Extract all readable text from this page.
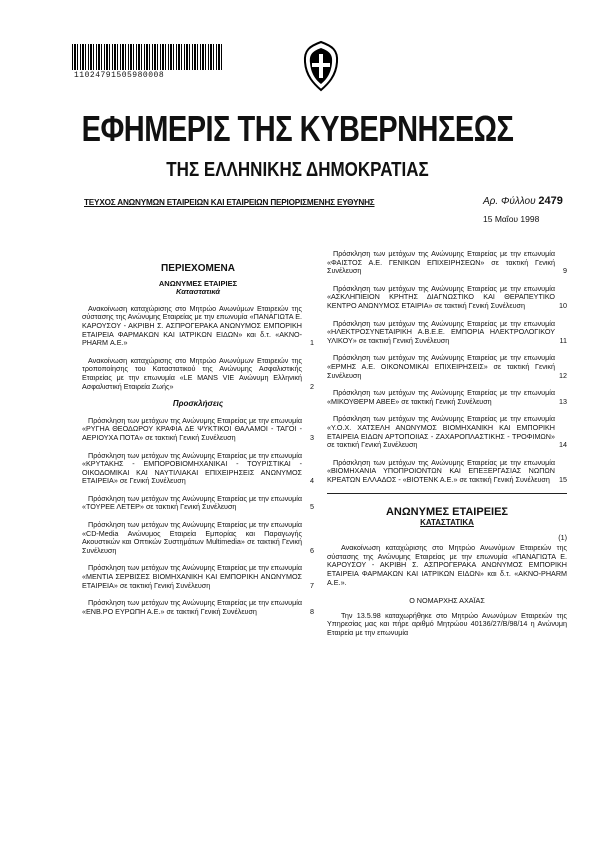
11024791505980008
ΕΦΗΜΕΡΙΣ ΤΗΣ ΚΥΒΕΡΝΗΣΕΩΣ
ΤΗΣ ΕΛΛΗΝΙΚΗΣ ΔΗΜΟΚΡΑΤΙΑΣ
ΤΕΥΧΟΣ ΑΝΩΝΥΜΩΝ ΕΤΑΙΡΕΙΩΝ ΚΑΙ ΕΤΑΙΡΕΙΩΝ ΠΕΡΙΟΡΙΣΜΕΝΗΣ ΕΥΘΥΝΗΣ	Αρ. Φύλλου 2479
15 Μαΐου 1998
ΠΕΡΙΕΧΟΜΕΝΑ
ΑΝΩΝΥΜΕΣ ΕΤΑΙΡΙΕΣ
Καταστατικά
Ανακοίνωση καταχώρισης στο Μητρώο Ανωνύμων Εταιρειών της σύστασης της Ανώνυμης Εταιρείας με την επωνυμία «ΠΑΝΑΓΙΩΤΑ Ε. ΚΑΡΟΥΣΟΥ - ΑΚΡΙΒΗ Σ. ΑΣΠΡΟΓΕΡΑΚΑ ΑΝΩΝΥΜΟΣ ΕΜΠΟΡΙΚΗ ΕΤΑΙΡΕΙΑ ΦΑΡΜΑΚΩΝ ΚΑΙ ΙΑΤΡΙΚΩΝ ΕΙΔΩΝ» και δ.τ. «ΑΚΝΟ-PHARM Α.Ε.»	1
Ανακοίνωση καταχώρισης στο Μητρώο Ανωνύμων Εταιρειών της τροποποίησης του Καταστατικού της Ανώνυμης Ασφαλιστικής Εταιρείας με την επωνυμία «LE MANS VIE Ανώνυμη Ελληνική Ασφαλιστική Εταιρεία Ζωής»	2
Προσκλήσεις
Πρόσκληση των μετόχων της Ανώνυμης Εταιρείας με την επωνυμία «ΡΥΓΗΑ ΘΕΟΔΩΡΟΥ ΚΡΑΦΙΑ ΔΕ ΨΥΚΤΙΚΟΙ ΘΑΛΑΜΟΙ - ΤΑΓΟΙ - ΑΕΡΙΟΥΧΑ ΠΟΤΑ» σε τακτική Γενική Συνέλευση	3
Πρόσκληση των μετόχων της Ανώνυμης Εταιρείας με την επωνυμία «ΚΡΥΤΑΚΗΣ - ΕΜΠΟΡΟΒΙΟΜΗΧΑΝΙΚΑΙ - ΤΟΥΡΙΣΤΙΚΑΙ - ΟΙΚΟΔΟΜΙΚΑΙ ΚΑΙ ΝΑΥΤΙΛΙΑΚΑΙ ΕΠΙΧΕΙΡΗΣΕΙΣ ΑΝΩΝΥΜΟΣ ΕΤΑΙΡΕΙΑ» σε Γενική Συνέλευση	4
Πρόσκληση των μετόχων της Ανώνυμης Εταιρείας με την επωνυμία «ΤΟΥΡΕΕ ΛΕΤΕΡ» σε τακτική Γενική Συνέλευση	5
Πρόσκληση των μετόχων της Ανώνυμης Εταιρείας με την επωνυμία «CD-Media Ανώνυμος Εταιρεία Εμπορίας και Παραγωγής Ακουστικών και Οπτικών Συστημάτων Multimedia» σε τακτική Γενική Συνέλευση	6
Πρόσκληση των μετόχων της Ανώνυμης Εταιρείας με την επωνυμία «ΜΕΝΤΙΑ ΣΕΡΒΙΣΕΣ ΒΙΟΜΗΧΑΝΙΚΗ ΚΑΙ ΕΜΠΟΡΙΚΗ ΑΝΩΝΥΜΟΣ ΕΤΑΙΡΕΙΑ» σε τακτική Γενική Συνέλευση	7
Πρόσκληση των μετόχων της Ανώνυμης Εταιρείας με την επωνυμία «ΕΝΒ.ΡΟ ΕΥΡΩΠΗ Α.Ε.» σε τακτική Γενική Συνέλευση	8
Πρόσκληση των μετόχων της Ανώνυμης Εταιρείας με την επωνυμία «ΦΑΙΣΤΟΣ Α.Ε. ΓΕΝΙΚΩΝ ΕΠΙΧΕΙΡΗΣΕΩΝ» σε τακτική Γενική Συνέλευση	9
Πρόσκληση των μετόχων της Ανώνυμης Εταιρείας με την επωνυμία «ΑΣΚΛΗΠΙΕΙΟΝ ΚΡΗΤΗΣ ΔΙΑΓΝΩΣΤΙΚΟ ΚΑΙ ΘΕΡΑΠΕΥΤΙΚΟ ΚΕΝΤΡΟ ΑΝΩΝΥΜΟΣ ΕΤΑΙΡΙΑ» σε τακτική Γενική Συνέλευση	10
Πρόσκληση των μετόχων της Ανώνυμης Εταιρείας με την επωνυμία «ΗΛΕΚΤΡΟΣΥΝΕΤΑΙΡΙΚΗ Α.Β.Ε.Ε. ΕΜΠΟΡΙΑ ΗΛΕΚΤΡΟΛΟΓΙΚΟΥ ΥΛΙΚΟΥ» σε τακτική Γενική Συνέλευση	11
Πρόσκληση των μετόχων της Ανώνυμης Εταιρείας με την επωνυμία «ΕΡΜΗΣ Α.Ε. ΟΙΚΟΝΟΜΙΚΑΙ ΕΠΙΧΕΙΡΗΣΕΙΣ» σε τακτική Γενική Συνέλευση	12
Πρόσκληση των μετόχων της Ανώνυμης Εταιρείας με την επωνυμία «ΜΙΚΟΥΘΕΡΜ ΑΒΕΕ» σε τακτική Γενική Συνέλευση	13
Πρόσκληση των μετόχων της Ανώνυμης Εταιρείας με την επωνυμία «Υ.Ο.Χ. ΧΑΤΣΕΛΗ ΑΝΩΝΥΜΟΣ ΒΙΟΜΗΧΑΝΙΚΗ ΚΑΙ ΕΜΠΟΡΙΚΗ ΕΤΑΙΡΕΙΑ ΕΙΔΩΝ ΑΡΤΟΠΟΙΙΑΣ - ΖΑΧΑΡΟΠΛΑΣΤΙΚΗΣ - ΤΡΟΦΙΜΩΝ» σε τακτική Γενική Συνέλευση	14
Πρόσκληση των μετόχων της Ανώνυμης Εταιρείας με την επωνυμία «ΒΙΟΜΗΧΑΝΙΑ ΥΠΟΠΡΟΙΟΝΤΩΝ ΚΑΙ ΕΠΕΞΕΡΓΑΣΙΑΣ ΝΩΠΩΝ ΚΡΕΑΤΩΝ ΕΛΛΑΔΟΣ - «ΒΙΟΤΕΝΚ Α.Ε.» σε τακτική Γενική Συνέλευση	15
ΑΝΩΝΥΜΕΣ ΕΤΑΙΡΕΙΕΣ
ΚΑΤΑΣΤΑΤΙΚΑ
(1)
Ανακοίνωση καταχώρισης στο Μητρώο Ανωνύμων Εταιρειών της σύστασης της Ανώνυμης Εταιρείας με την επωνυμία «ΠΑΝΑΓΙΩΤΑ Ε. ΚΑΡΟΥΣΟΥ - ΑΚΡΙΒΗ Σ. ΑΣΠΡΟΓΕΡΑΚΑ ΑΝΩΝΥΜΟΣ ΕΜΠΟΡΙΚΗ ΕΤΑΙΡΕΙΑ ΦΑΡΜΑΚΩΝ ΚΑΙ ΙΑΤΡΙΚΩΝ ΕΙΔΩΝ» και δ.τ. «ΑΚΝΟ-PHARM Α.Ε.».
Ο ΝΟΜΑΡΧΗΣ ΑΧΑΪΑΣ
Την 13.5.98 καταχωρήθηκε στο Μητρώο Ανωνύμων Εταιρειών της Υπηρεσίας μας και πήρε αριθμό Μητρώου 40136/27/Β/98/14 η Ανώνυμη Εταιρεία με την επωνυμία
